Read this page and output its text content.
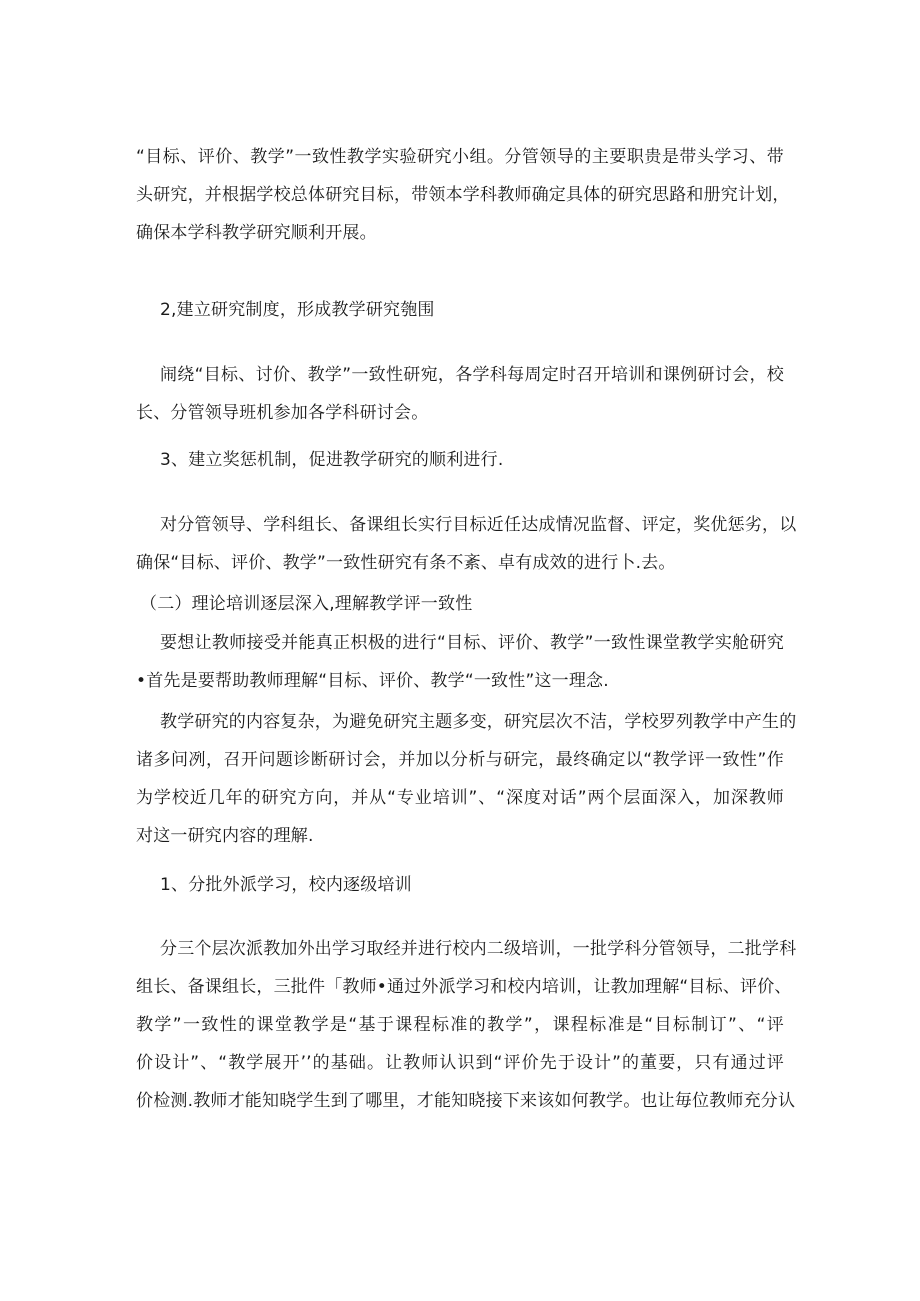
“目标、评价、教学”一致性教学实验研究小组。分管领导的主要职贵是带头学习、带
头研究，并根据学校总体研究目标，带领本学科教师确定具体的研究思路和册究计划，
确保本学科教学研究顺利开展。
2,建立研究制度，形成教学研究匏围
闹绕“目标、讨价、教学”一致性研宛，各学科每周定时召开培训和课例研讨会，校
长、分管领导班机参加各学科研讨会。
3、建立奖惩机制，促进教学研究的顺利进行.
对分管领导、学科组长、备课组长实行目标近任达成情况监督、评定，奖优惩劣，以
确保“目标、评价、教学”一致性研究有条不紊、卓有成效的进行卜.去。
（二）理论培训逐层深入,理解教学评一致性
要想让教师接受并能真正枳极的进行“目标、评价、教学”一致性课堂教学实舱研究
•首先是要帮助教师理解“目标、评价、教学“一致性”这一理念.
教学研究的内容复杂，为避免研究主题多变，研究层次不洁，学校罗列教学中产生的
诸多问冽，召开问题诊断研讨会，并加以分析与研完，最终确定以“教学评一致性”作
为学校近几年的研究方向，并从“专业培训”、“深度对话”两个层面深入，加深教师
对这一研究内容的理解.
1、分批外派学习，校内逐级培训
分三个层次派教加外出学习取经并进行校内二级培训，一批学科分管领导，二批学科
组长、备课组长，三批件「教师•通过外派学习和校内培训，让教加理解“目标、评价、
教学”一致性的课堂教学是“基于课程标准的教学”，课程标准是“目标制订”、“评
价设计”、“教学展开’’的基础。让教师认识到“评价先于设计”的董要，只有通过评
价检测.教师才能知晓学生到了哪里，才能知晓接下来该如何教学。也让毎位教师充分认
